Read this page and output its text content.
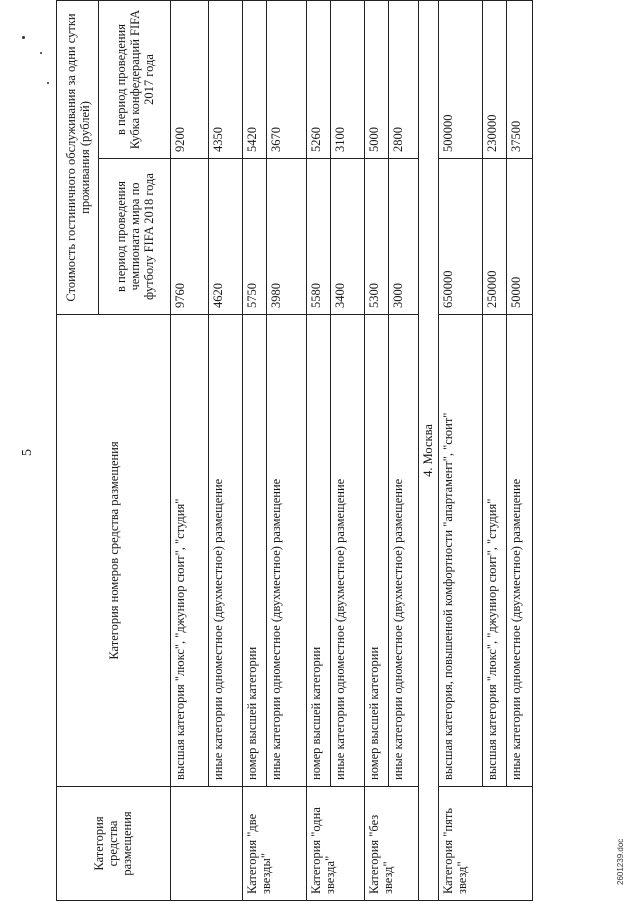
5
Категория средства размещения	Категория номеров средства размещения	Стоимость гостиничного обслуживания за одни сутки проживания (рублей)	
		в период проведения чемпионата мира по футболу FIFA 2018 года	в период проведения Кубка конфедераций FIFA 2017 года
	высшая категория "люкс", "джуниор сюит", "студия"	9760	9200
	иные категории одноместное (двухместное) размещение	4620	4350
Категория "две звезды"	номер высшей категории	5750	5420
	иные категории одноместное (двухместное) размещение	3980	3670
Категория "одна звезда"	номер высшей категории	5580	5260
	иные категории одноместное (двухместное) размещение	3400	3100
Категория "без звезд"	номер высшей категории	5300	5000
	иные категории одноместное (двухместное) размещение	3000	2800
4. Москва			
Категория "пять звезд"	высшая категория, повышенной комфортности "апартамент", "сюит"	650000	500000
	высшая категория "люкс", "джуниор сюит", "студия"	250000	230000
	иные категории одноместное (двухместное) размещение	50000	37500
2601239.doc
